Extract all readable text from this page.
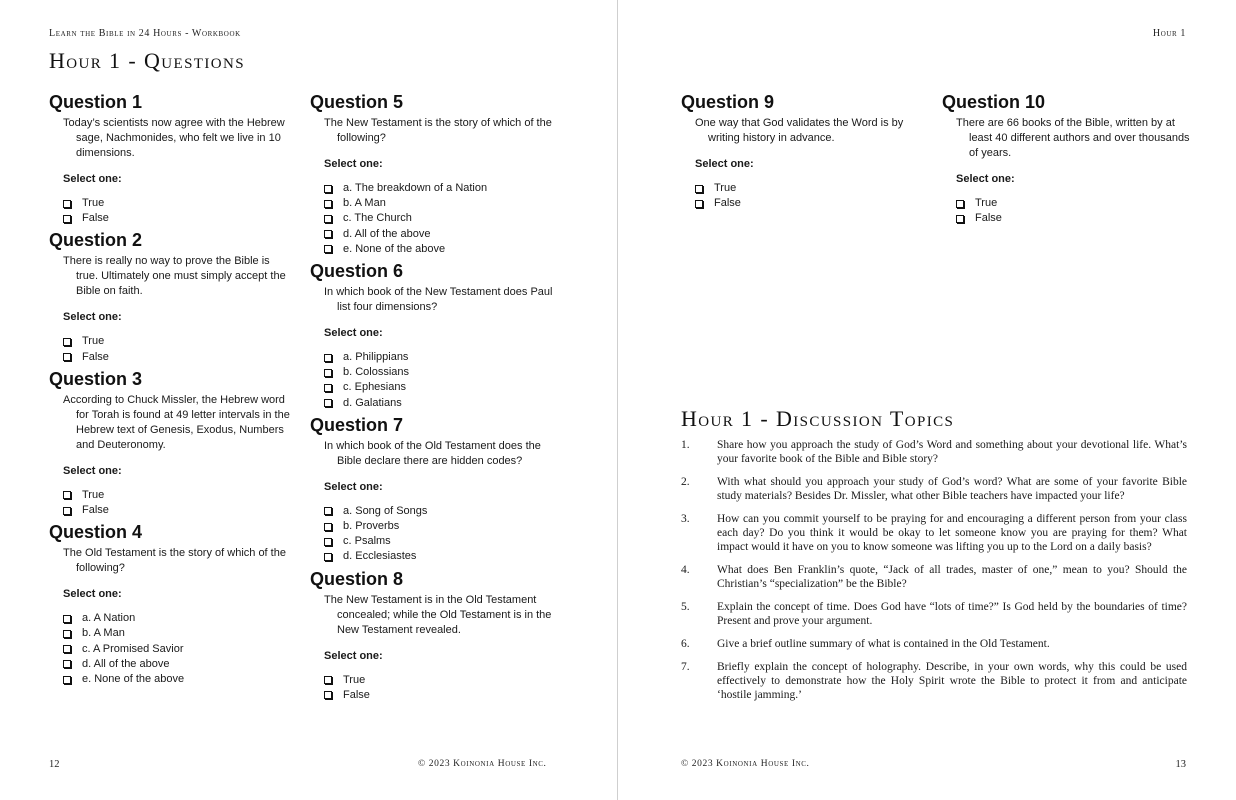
Learn the Bible in 24 Hours - Workbook
Hour 1 - Questions
Question 1
Today’s scientists now agree with the Hebrew sage, Nachmonides, who felt we live in 10 dimensions.
Select one:
True
False
Question 2
There is really no way to prove the Bible is true. Ultimately one must simply accept the Bible on faith.
Select one:
True
False
Question 3
According to Chuck Missler, the Hebrew word for Torah is found at 49 letter intervals in the Hebrew text of Genesis, Exodus, Numbers and Deuteronomy.
Select one:
True
False
Question 4
The Old Testament is the story of which of the following?
Select one:
a. A Nation
b. A Man
c. A Promised Savior
d. All of the above
e. None of the above
Question 5
The New Testament is the story of which of the following?
Select one:
a. The breakdown of a Nation
b. A Man
c. The Church
d. All of the above
e. None of the above
Question 6
In which book of the New Testament does Paul list four dimensions?
Select one:
a. Philippians
b. Colossians
c. Ephesians
d. Galatians
Question 7
In which book of the Old Testament does the Bible declare there are hidden codes?
Select one:
a. Song of Songs
b. Proverbs
c. Psalms
d. Ecclesiastes
Question 8
The New Testament is in the Old Testament concealed; while the Old Testament is in the New Testament revealed.
Select one:
True
False
12	© 2023 Koinonia House Inc.
Hour 1
Question 9
One way that God validates the Word is by writing history in advance.
Select one:
True
False
Question 10
There are 66 books of the Bible, written by at least 40 different authors and over thousands of years.
Select one:
True
False
Hour 1 - Discussion Topics
1.	Share how you approach the study of God’s Word and something about your devotional life. What’s your favorite book of the Bible and Bible story?
2.	With what should you approach your study of God’s word? What are some of your favorite Bible study materials? Besides Dr. Missler, what other Bible teachers have impacted your life?
3.	How can you commit yourself to be praying for and encouraging a different person from your class each day? Do you think it would be okay to let someone know you are praying for them? What impact would it have on you to know someone was lifting you up to the Lord on a daily basis?
4.	What does Ben Franklin’s quote, “Jack of all trades, master of one,” mean to you? Should the Christian’s “specialization” be the Bible?
5.	Explain the concept of time. Does God have “lots of time?” Is God held by the boundaries of time? Present and prove your argument.
6.	Give a brief outline summary of what is contained in the Old Testament.
7.	Briefly explain the concept of holography. Describe, in your own words, why this could be used effectively to demonstrate how the Holy Spirit wrote the Bible to protect it from and anticipate ‘hostile jamming.’
© 2023 Koinonia House Inc.	13
